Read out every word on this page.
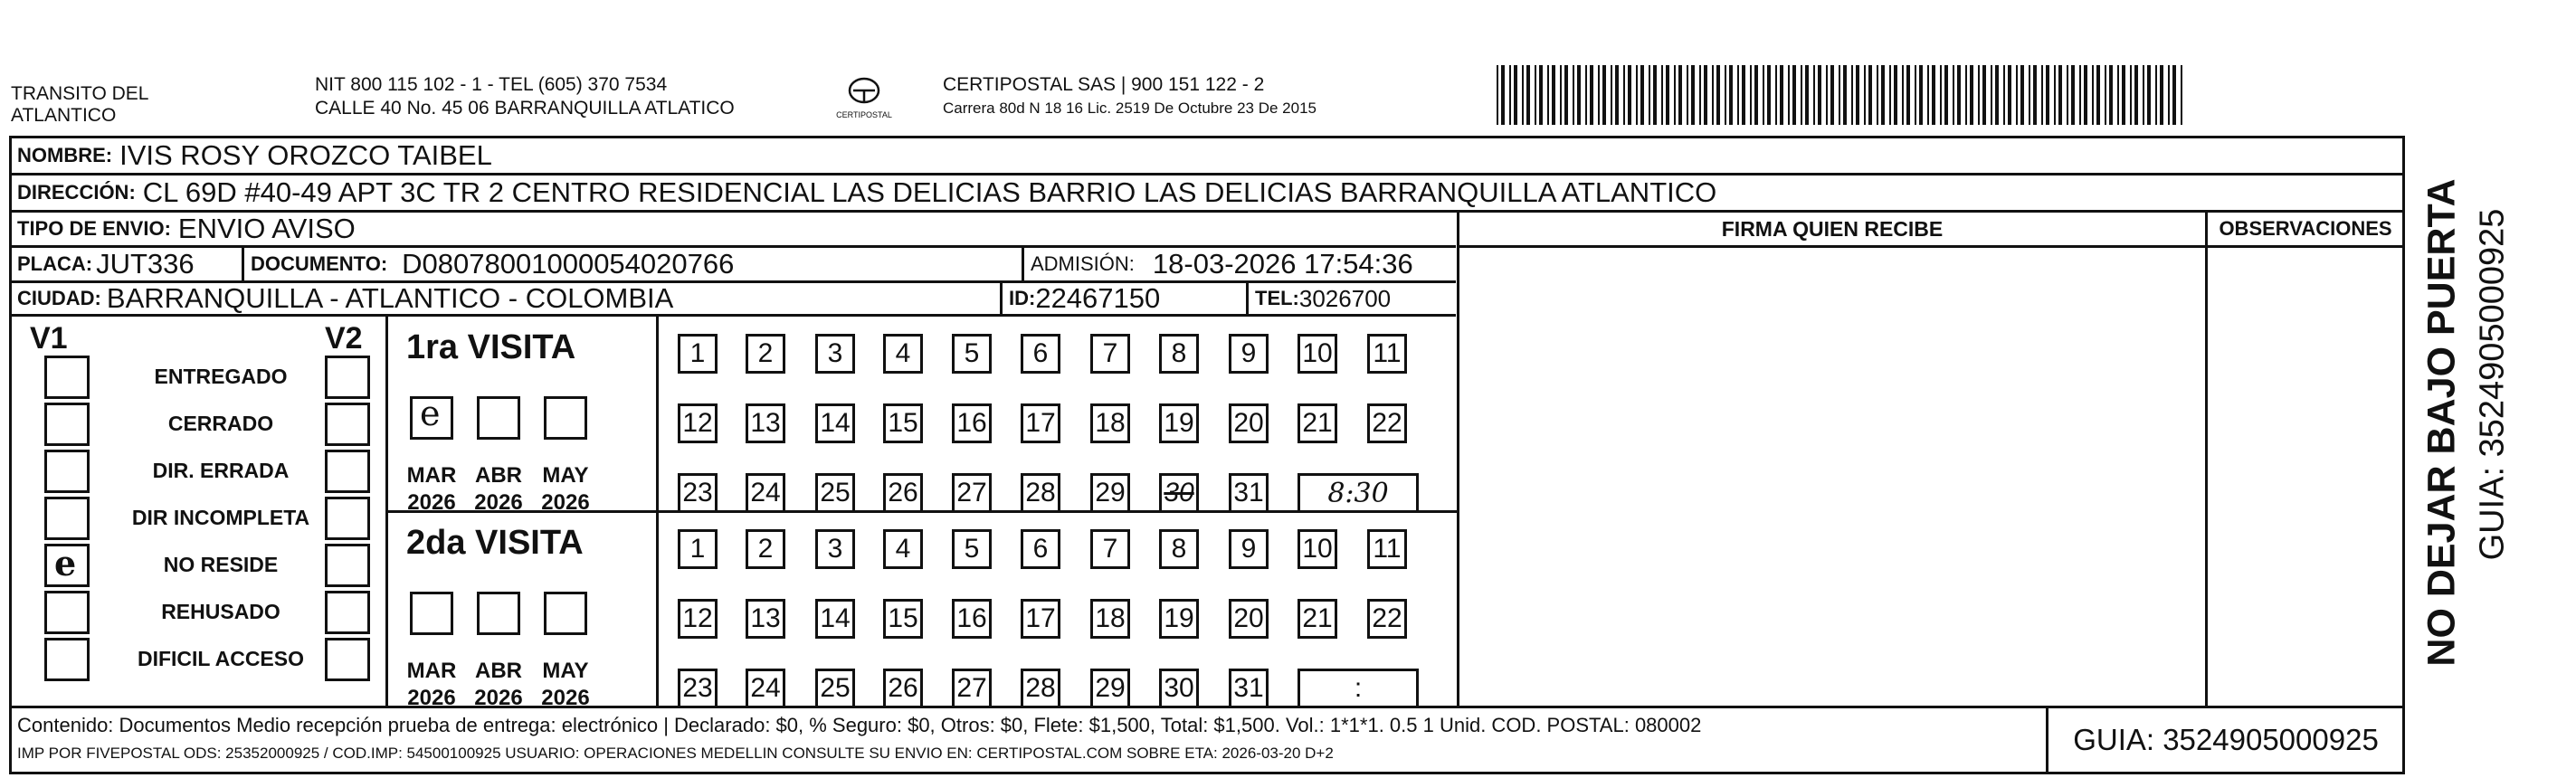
TRANSITO DEL
ATLANTICO
NIT 800 115 102 - 1 - TEL (605) 370 7534
CALLE 40 No. 45 06 BARRANQUILLA ATLATICO	CERTIPOSTAL
CERTIPOSTAL SAS | 900 151 122 - 2
Carrera 80d N 18 16 Lic. 2519 De Octubre 23 De 2015
NOMBRE: IVIS ROSY OROZCO TAIBEL
DIRECCIÓN: CL 69D #40-49 APT 3C TR 2 CENTRO RESIDENCIAL LAS DELICIAS BARRIO LAS DELICIAS BARRANQUILLA ATLANTICO
TIPO DE ENVIO: ENVIO AVISO
PLACA: JUT336	DOCUMENTO: D08078001000054020766	ADMISIÓN: 18-03-2026 17:54:36
CIUDAD: BARRANQUILLA - ATLANTICO - COLOMBIA	ID: 22467150	TEL: 3026700
FIRMA QUIEN RECIBE	OBSERVACIONES
V1	V2
ENTREGADO
CERRADO
DIR. ERRADA
DIR INCOMPLETA
e	NO RESIDE
REHUSADO
DIFICIL ACCESO
1ra VISITA
2da VISITA
e
MAR
2026
ABR
2026
MAY
2026
1	2	3	4	5	6	7	8	9	10 11
12 13 14 15 16 17 18 19 20 21 22
23 24 25 26 27 28 29 30 31	8:30
MAR
2026
ABR
2026
MAY
2026
1	2	3	4	5	6	7	8	9	10 11
12 13 14 15 16 17 18 19 20 21 22
23 24 25 26 27 28 29 30 31	:
Contenido: Documentos Medio recepción prueba de entrega: electrónico | Declarado: $0, % Seguro: $0, Otros: $0, Flete: $1,500, Total: $1,500. Vol.: 1*1*1. 0.5 1 Unid. COD. POSTAL: 080002
IMP POR FIVEPOSTAL ODS: 25352000925 / COD.IMP: 54500100925 USUARIO: OPERACIONES MEDELLIN CONSULTE SU ENVIO EN: CERTIPOSTAL.COM SOBRE ETA: 2026-03-20 D+2	GUIA: 3524905000925
NO DEJAR BAJO PUERTA GUIA: 3524905000925
